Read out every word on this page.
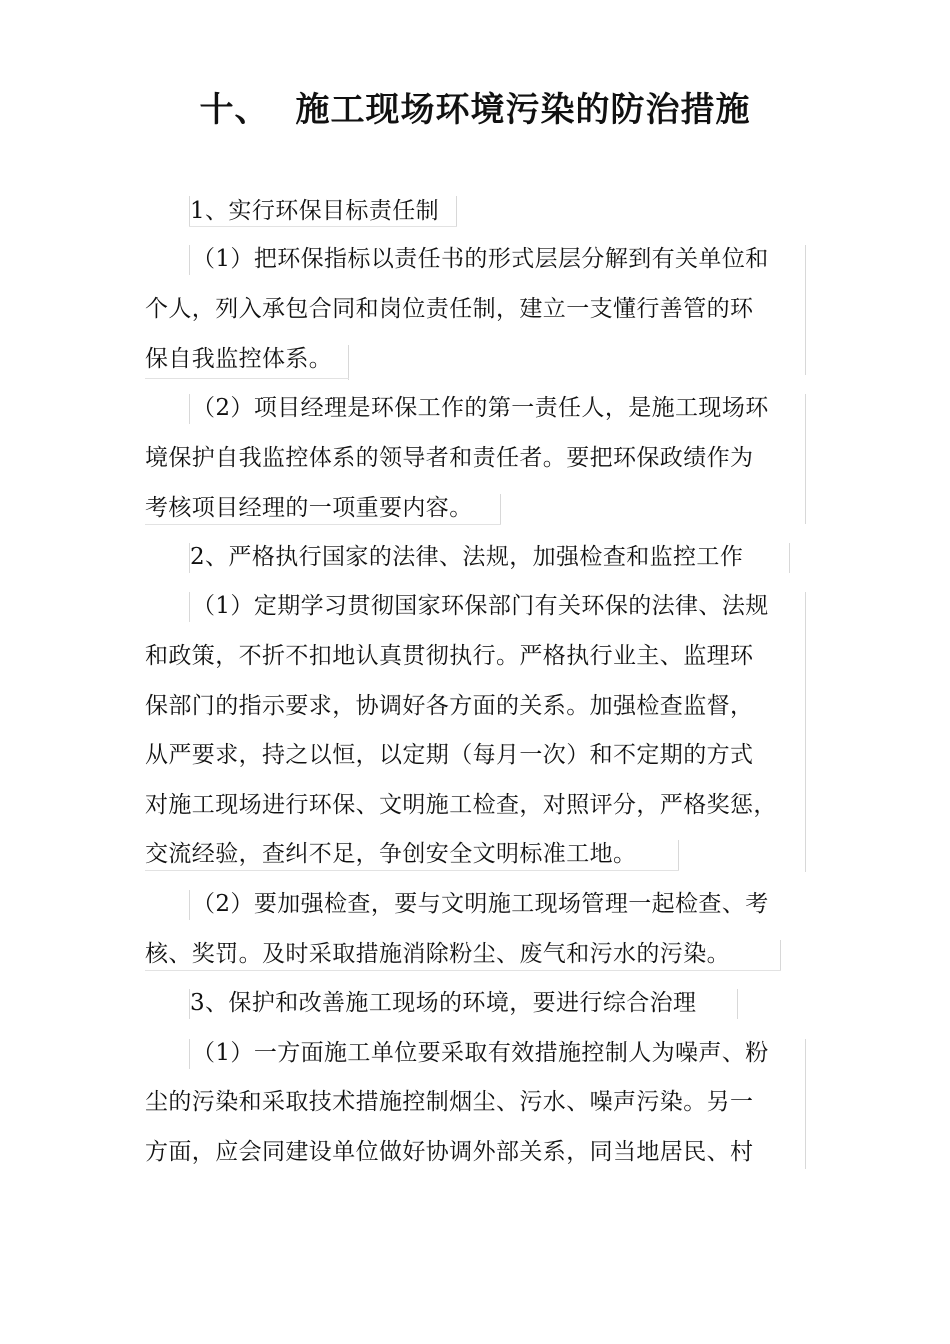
十、 施工现场环境污染的防治措施
1、实行环保目标责任制
（1）把环保指标以责任书的形式层层分解到有关单位和
个人，列入承包合同和岗位责任制，建立一支懂行善管的环
保自我监控体系。
（2）项目经理是环保工作的第一责任人，是施工现场环
境保护自我监控体系的领导者和责任者。要把环保政绩作为
考核项目经理的一项重要内容。
2、严格执行国家的法律、法规，加强检查和监控工作
（1）定期学习贯彻国家环保部门有关环保的法律、法规
和政策，不折不扣地认真贯彻执行。严格执行业主、监理环
保部门的指示要求，协调好各方面的关系。加强检查监督，
从严要求，持之以恒，以定期（每月一次）和不定期的方式
对施工现场进行环保、文明施工检查，对照评分，严格奖惩，
交流经验，查纠不足，争创安全文明标准工地。
（2）要加强检查，要与文明施工现场管理一起检查、考
核、奖罚。及时采取措施消除粉尘、废气和污水的污染。
3、保护和改善施工现场的环境，要进行综合治理
（1）一方面施工单位要采取有效措施控制人为噪声、粉
尘的污染和采取技术措施控制烟尘、污水、噪声污染。另一
方面，应会同建设单位做好协调外部关系，同当地居民、村
